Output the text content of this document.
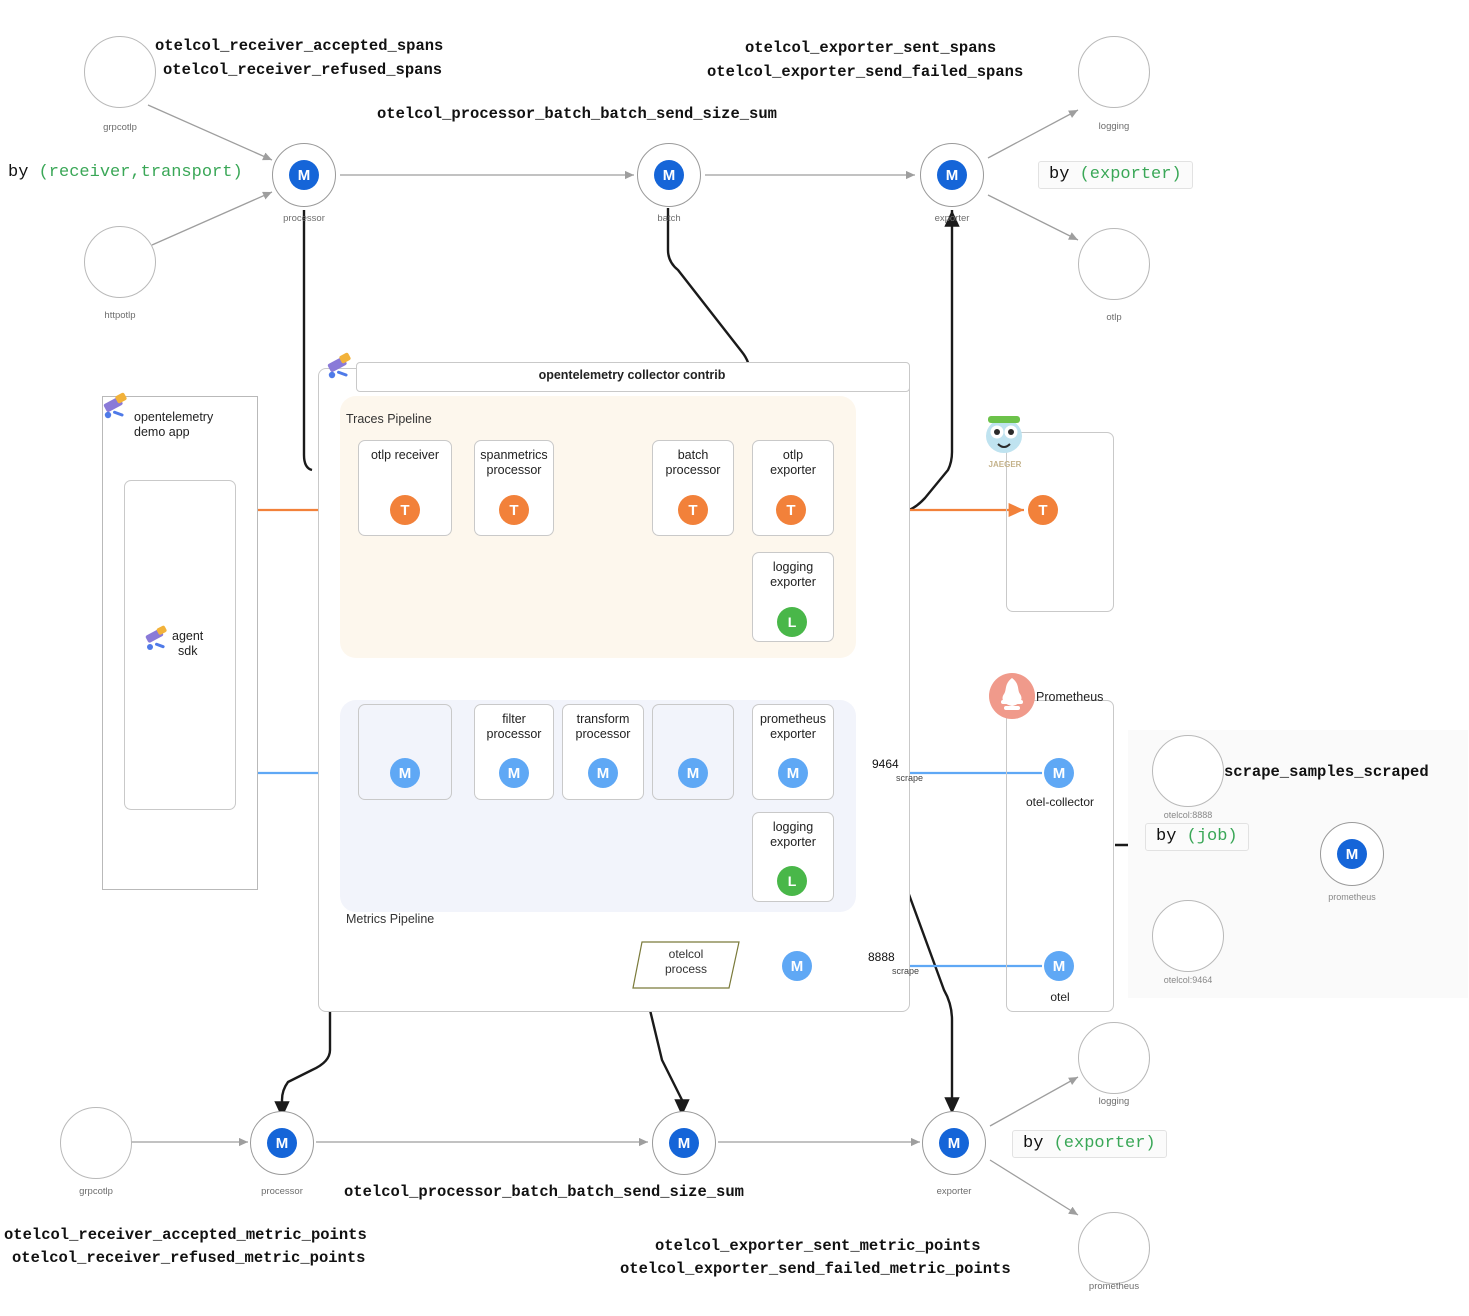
otelcol_receiver_accepted_spans
otelcol_receiver_refused_spans
otelcol_exporter_sent_spans
otelcol_exporter_send_failed_spans
otelcol_processor_batch_batch_send_size_sum
by (receiver,transport)	by (exporter)
grpcotlp
httpotlp
M
processor
M
batch
M
exporter
logging
otlp
opentelemetry collector contrib
Traces Pipeline
otlp receiver	spanmetrics
processor
batch
processor
otlp
exporter
logging
exporter
L
T	T	T	T	T
Metrics Pipeline
filter
processor
transform
processor
prometheus
exporter
logging
exporter
L
M	M	M	M	M
M
M
M
otelcol
process
9464
scrape
8888
scrape
opentelemetry
demo app
agent
sdk
JAEGER
Prometheus
otel-collector
otel
otelcol:8888
otelcol:9464
M
prometheus
scrape_samples_scraped
by (job)
grpcotlp
M
processor
M	M
exporter
logging
prometheus
by (exporter)
otelcol_processor_batch_batch_send_size_sum
otelcol_receiver_accepted_metric_points
otelcol_receiver_refused_metric_points
otelcol_exporter_sent_metric_points
otelcol_exporter_send_failed_metric_points
